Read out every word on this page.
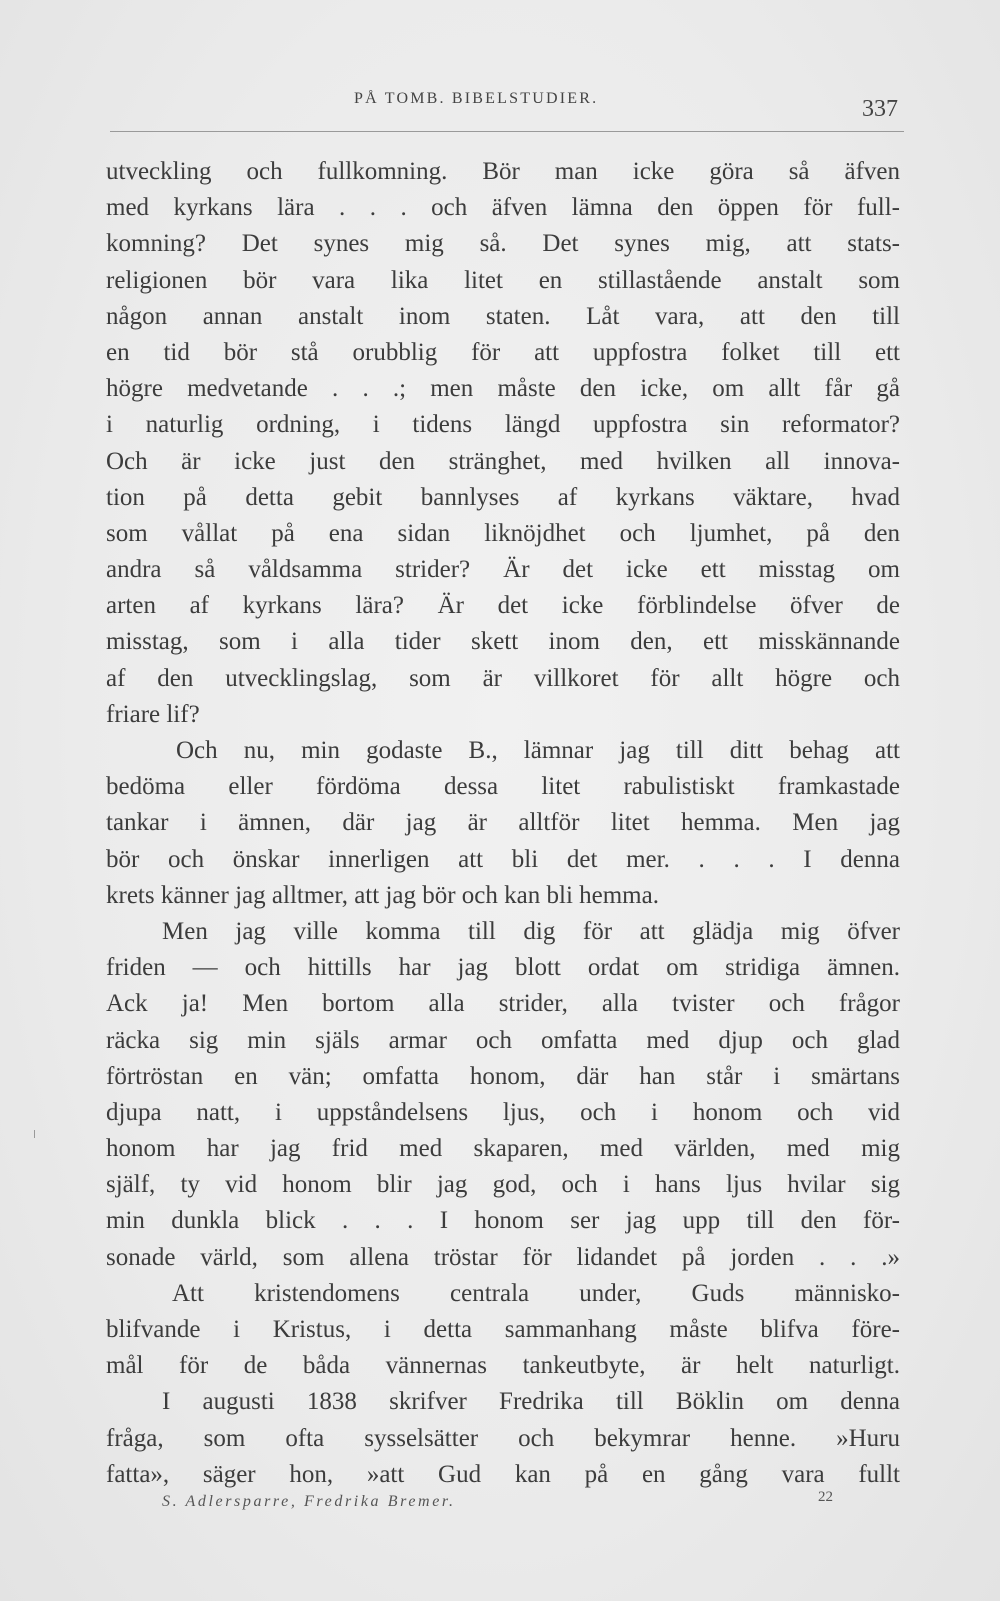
PÅ TOMB. BIBELSTUDIER.	337
utveckling och fullkomning. Bör man icke göra så äfven
med kyrkans lära . . . och äfven lämna den öppen för full-
komning? Det synes mig så. Det synes mig, att stats-
religionen bör vara lika litet en stillastående anstalt som
någon annan anstalt inom staten. Låt vara, att den till
en tid bör stå orubblig för att uppfostra folket till ett
högre medvetande . . .; men måste den icke, om allt får gå
i naturlig ordning, i tidens längd uppfostra sin reformator?
Och är icke just den stränghet, med hvilken all innova-
tion på detta gebit bannlyses af kyrkans väktare, hvad
som vållat på ena sidan liknöjdhet och ljumhet, på den
andra så våldsamma strider? Är det icke ett misstag om
arten af kyrkans lära? Är det icke förblindelse öfver de
misstag, som i alla tider skett inom den, ett misskännande
af den utvecklingslag, som är villkoret för allt högre och
friare lif?
Och nu, min godaste B., lämnar jag till ditt behag att
bedöma eller fördöma dessa litet rabulistiskt framkastade
tankar i ämnen, där jag är alltför litet hemma. Men jag
bör och önskar innerligen att bli det mer. . . . I denna
krets känner jag alltmer, att jag bör och kan bli hemma.
Men jag ville komma till dig för att glädja mig öfver
friden — och hittills har jag blott ordat om stridiga ämnen.
Ack ja! Men bortom alla strider, alla tvister och frågor
räcka sig min själs armar och omfatta med djup och glad
förtröstan en vän; omfatta honom, där han står i smärtans
djupa natt, i uppståndelsens ljus, och i honom och vid
honom har jag frid med skaparen, med världen, med mig
själf, ty vid honom blir jag god, och i hans ljus hvilar sig
min dunkla blick . . . I honom ser jag upp till den för-
sonade värld, som allena tröstar för lidandet på jorden . . .»
Att kristendomens centrala under, Guds människo-
blifvande i Kristus, i detta sammanhang måste blifva före-
mål för de båda vännernas tankeutbyte, är helt naturligt.
I augusti 1838 skrifver Fredrika till Böklin om denna
fråga, som ofta sysselsätter och bekymrar henne. »Huru
fatta», säger hon, »att Gud kan på en gång vara fullt
S. Adlersparre, Fredrika Bremer.	22
